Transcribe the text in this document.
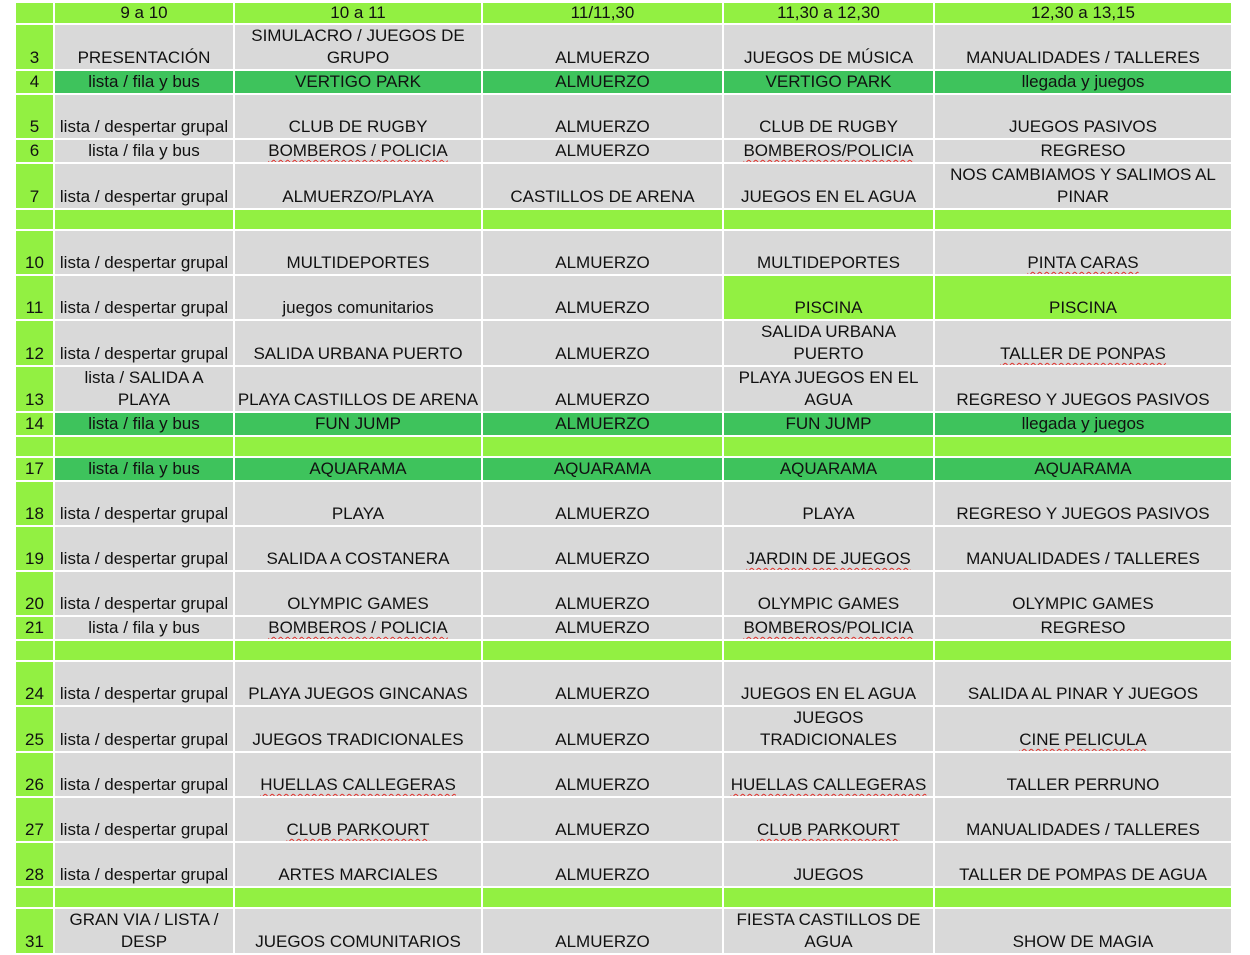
	9 a 10	10 a 11	11/11,30	11,30 a 12,30	12,30 a 13,15
3	PRESENTACIÓN	SIMULACRO / JUEGOS DE GRUPO	ALMUERZO	JUEGOS DE MÚSICA	MANUALIDADES / TALLERES
4	lista / fila y bus	VERTIGO PARK	ALMUERZO	VERTIGO PARK	llegada y juegos
5	lista / despertar grupal	CLUB DE RUGBY	ALMUERZO	CLUB DE RUGBY	JUEGOS PASIVOS
6	lista / fila y bus	BOMBEROS / POLICIA	ALMUERZO	BOMBEROS/POLICIA	REGRESO
7	lista / despertar grupal	ALMUERZO/PLAYA	CASTILLOS DE ARENA	JUEGOS EN EL AGUA	NOS CAMBIAMOS Y SALIMOS AL PINAR

10	lista / despertar grupal	MULTIDEPORTES	ALMUERZO	MULTIDEPORTES	PINTA CARAS
11	lista / despertar grupal	juegos comunitarios	ALMUERZO	PISCINA	PISCINA
12	lista / despertar grupal	SALIDA URBANA PUERTO	ALMUERZO	SALIDA URBANA PUERTO	TALLER DE PONPAS
13	lista / SALIDA A PLAYA	PLAYA CASTILLOS DE ARENA	ALMUERZO	PLAYA JUEGOS EN EL AGUA	REGRESO Y JUEGOS PASIVOS
14	lista / fila y bus	FUN JUMP	ALMUERZO	FUN JUMP	llegada y juegos

17	lista / fila y bus	AQUARAMA	AQUARAMA	AQUARAMA	AQUARAMA
18	lista / despertar grupal	PLAYA	ALMUERZO	PLAYA	REGRESO Y JUEGOS PASIVOS
19	lista / despertar grupal	SALIDA A COSTANERA	ALMUERZO	JARDIN DE JUEGOS	MANUALIDADES / TALLERES
20	lista / despertar grupal	OLYMPIC GAMES	ALMUERZO	OLYMPIC GAMES	OLYMPIC GAMES
21	lista / fila y bus	BOMBEROS / POLICIA	ALMUERZO	BOMBEROS/POLICIA	REGRESO

24	lista / despertar grupal	PLAYA JUEGOS GINCANAS	ALMUERZO	JUEGOS EN EL AGUA	SALIDA AL PINAR Y JUEGOS
25	lista / despertar grupal	JUEGOS TRADICIONALES	ALMUERZO	JUEGOS TRADICIONALES	CINE PELICULA
26	lista / despertar grupal	HUELLAS CALLEGERAS	ALMUERZO	HUELLAS CALLEGERAS	TALLER PERRUNO
27	lista / despertar grupal	CLUB PARKOURT	ALMUERZO	CLUB PARKOURT	MANUALIDADES / TALLERES
28	lista / despertar grupal	ARTES MARCIALES	ALMUERZO	JUEGOS	TALLER DE POMPAS DE AGUA

31	GRAN VIA / LISTA / DESP	JUEGOS COMUNITARIOS	ALMUERZO	FIESTA CASTILLOS DE AGUA	SHOW DE MAGIA
